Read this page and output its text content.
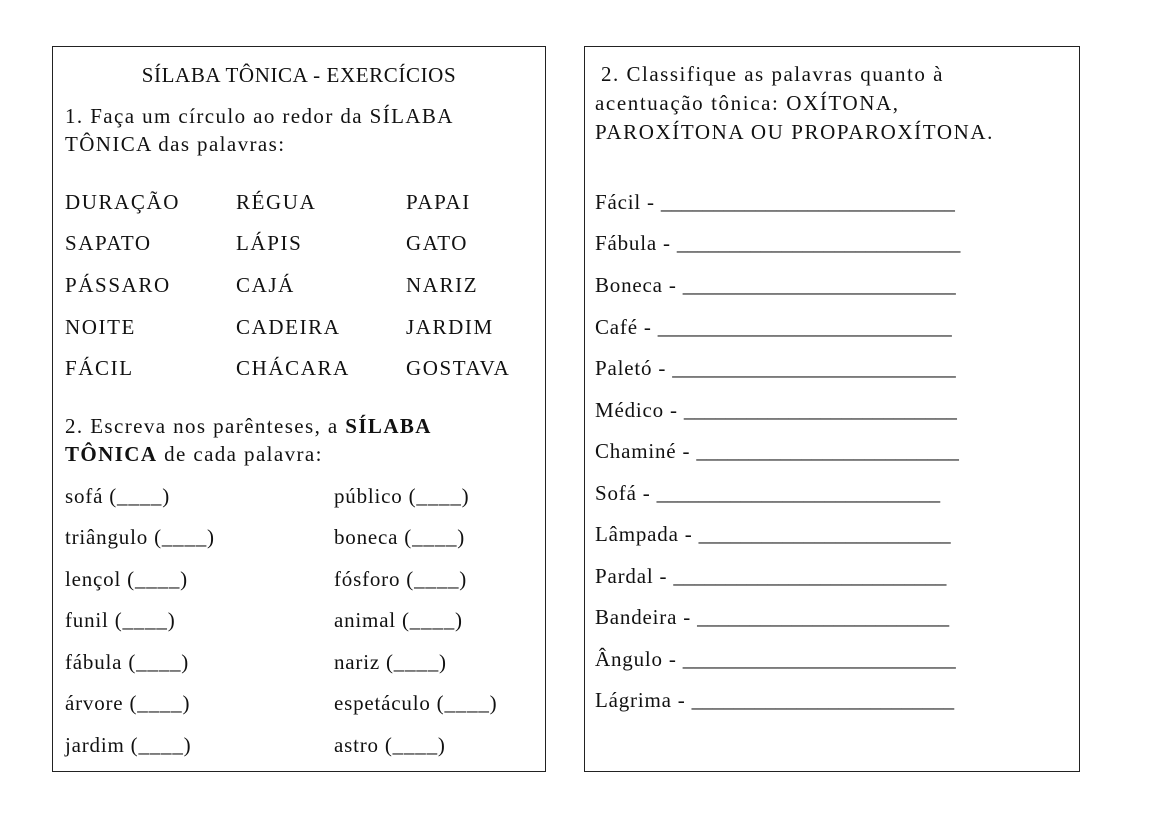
SÍLABA TÔNICA - EXERCÍCIOS
1. Faça um círculo ao redor da SÍLABA
TÔNICA das palavras:
DURAÇÃO	RÉGUA	PAPAI
SAPATO	LÁPIS	GATO
PÁSSARO	CAJÁ	NARIZ
NOITE	CADEIRA	JARDIM
FÁCIL	CHÁCARA	GOSTAVA
2. Escreva nos parênteses, a SÍLABA
TÔNICA de cada palavra:
sofá (____)	público (____)
triângulo (____)	boneca (____)
lençol (____)	fósforo (____)
funil (____)	animal (____)
fábula (____)	nariz (____)
árvore (____)	espetáculo (____)
jardim (____)	astro (____)
2. Classifique as palavras quanto à
acentuação tônica: OXÍTONA,
PAROXÍTONA OU PROPAROXÍTONA.
Fácil - ____________________________
Fábula - ___________________________
Boneca - __________________________
Café - ____________________________
Paletó - ___________________________
Médico - __________________________
Chaminé - _________________________
Sofá - ___________________________
Lâmpada - ________________________
Pardal - __________________________
Bandeira - ________________________
Ângulo - __________________________
Lágrima - _________________________
